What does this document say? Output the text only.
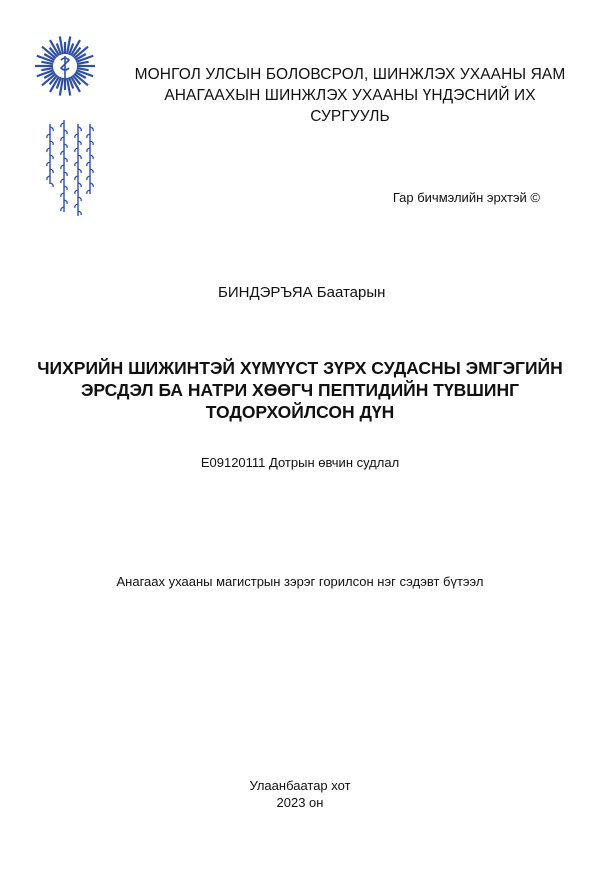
МОНГОЛ УЛСЫН БОЛОВСРОЛ, ШИНЖЛЭХ УХААНЫ ЯАМ
АНАГААХЫН ШИНЖЛЭХ УХААНЫ ҮНДЭСНИЙ ИХ СУРГУУЛЬ
Гар бичмэлийн эрхтэй ©
БИНДЭРЪЯА Баатарын
ЧИХРИЙН ШИЖИНТЭЙ ХҮМҮҮСТ ЗҮРХ СУДАСНЫ ЭМГЭГИЙН
ЭРСДЭЛ БА НАТРИ ХӨӨГЧ ПЕПТИДИЙН ТҮВШИНГ
ТОДОРХОЙЛСОН ДҮН
E09120111 Дотрын өвчин судлал
Анагаах ухааны магистрын зэрэг горилсон нэг сэдэвт бүтээл
Улаанбаатар хот
2023 он
